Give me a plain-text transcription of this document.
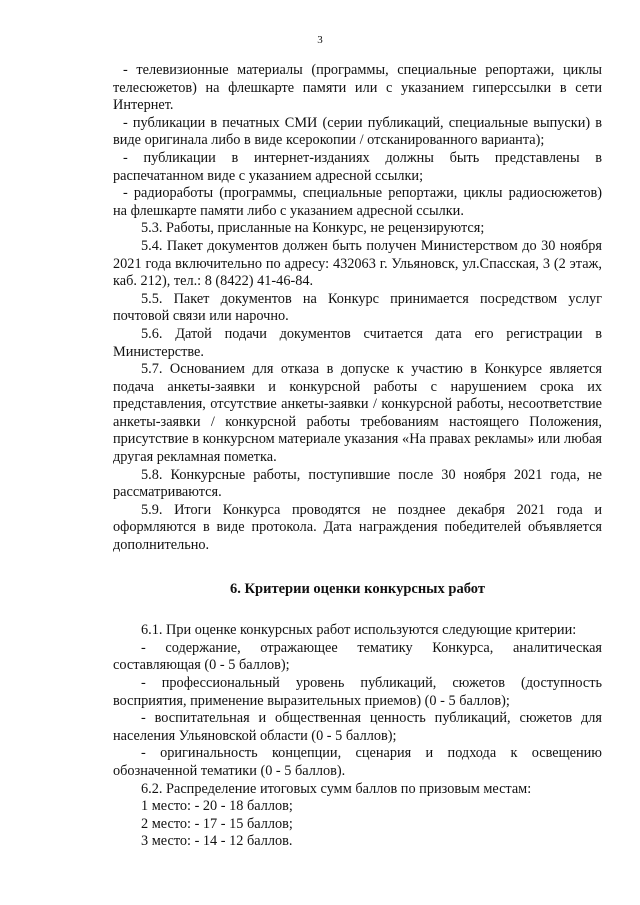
3

- телевизионные материалы (программы, специальные репортажи, циклы телесюжетов) на флешкарте памяти или с указанием гиперссылки в сети Интернет.

- публикации в печатных СМИ (серии публикаций, специальные выпуски) в виде оригинала либо в виде ксерокопии / отсканированного варианта);

- публикации в интернет-изданиях должны быть представлены в распечатанном виде с указанием адресной ссылки;

- радиоработы (программы, специальные репортажи, циклы радиосюжетов) на флешкарте памяти либо с указанием адресной ссылки.

5.3. Работы, присланные на Конкурс, не рецензируются;

5.4. Пакет документов должен быть получен Министерством до 30 ноября 2021 года включительно по адресу: 432063 г. Ульяновск, ул.Спасская, 3 (2 этаж, каб. 212), тел.: 8 (8422) 41-46-84.

5.5. Пакет документов на Конкурс принимается посредством услуг почтовой связи или нарочно.

5.6. Датой подачи документов считается дата его регистрации в Министерстве.

5.7. Основанием для отказа в допуске к участию в Конкурсе является подача анкеты-заявки и конкурсной работы с нарушением срока их представления, отсутствие анкеты-заявки / конкурсной работы, несоответствие анкеты-заявки / конкурсной работы требованиям настоящего Положения, присутствие в конкурсном материале указания «На правах рекламы» или любая другая рекламная пометка.

5.8. Конкурсные работы, поступившие после 30 ноября 2021 года, не рассматриваются.

5.9. Итоги Конкурса проводятся не позднее декабря 2021 года и оформляются в виде протокола. Дата награждения победителей объявляется дополнительно.

6. Критерии оценки конкурсных работ

6.1. При оценке конкурсных работ используются следующие критерии:

- содержание, отражающее тематику Конкурса, аналитическая составляющая (0 - 5 баллов);

- профессиональный уровень публикаций, сюжетов (доступность восприятия, применение выразительных приемов) (0 - 5 баллов);

- воспитательная и общественная ценность публикаций, сюжетов для населения Ульяновской области (0 - 5 баллов);

- оригинальность концепции, сценария и подхода к освещению обозначенной тематики (0 - 5 баллов).

6.2. Распределение итоговых сумм баллов по призовым местам:

1 место: - 20 - 18 баллов;

2 место: - 17 - 15 баллов;

3 место: - 14 - 12 баллов.
